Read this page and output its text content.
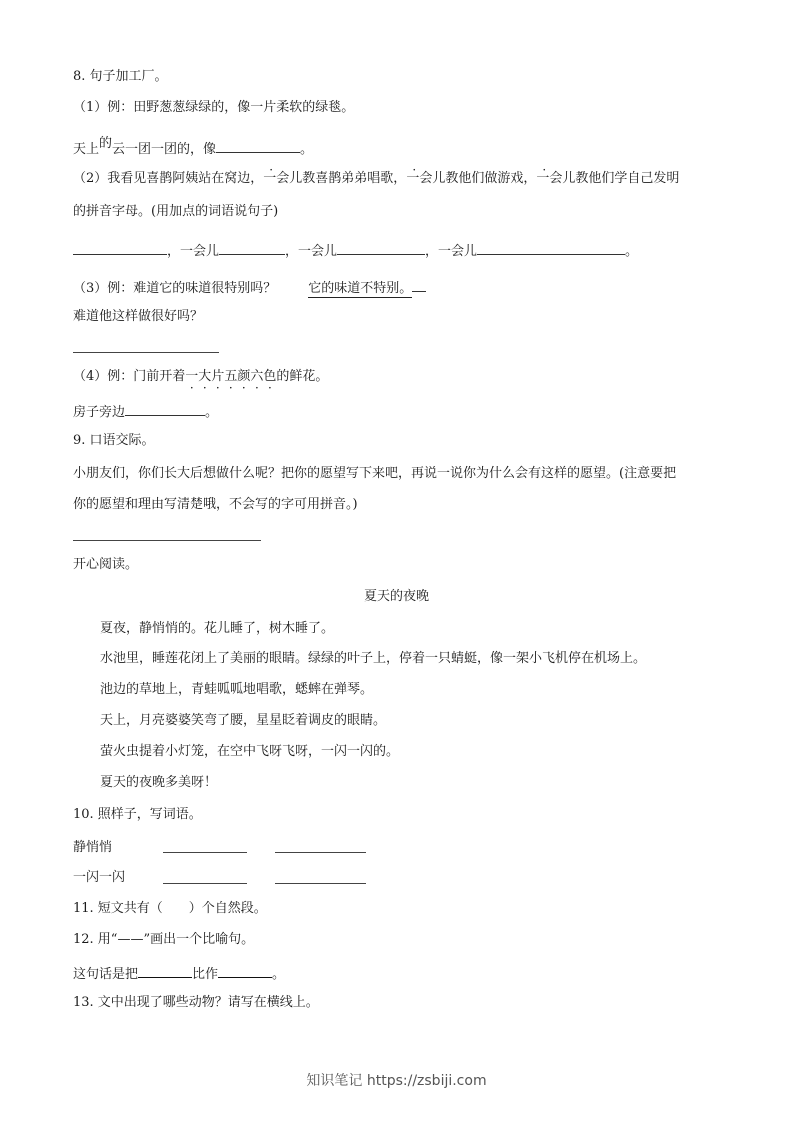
8. 句子加工厂。
（1）例：田野葱葱绿绿的，像一片柔软的绿毯。
天上的云一团一团的，像	。
（2）我看见喜鹊阿姨站在窝边，一会儿教喜鹊弟弟唱歌，一会儿教他们做游戏，一会儿教他们学自己发明
的拼音字母。(用加点的词语说句子)
，一会儿	，一会儿	，一会儿	。
（3）例：难道它的味道很特别吗？ 它的味道不特别。
难道他这样做很好吗？
（4）例：门前开着一大片五颜六色的鲜花。
房子旁边	。
9. 口语交际。
小朋友们，你们长大后想做什么呢？把你的愿望写下来吧，再说一说你为什么会有这样的愿望。(注意要把
你的愿望和理由写清楚哦，不会写的字可用拼音。)
开心阅读。
夏天的夜晚
夏夜，静悄悄的。花儿睡了，树木睡了。
水池里，睡莲花闭上了美丽的眼睛。绿绿的叶子上，停着一只蜻蜓，像一架小飞机停在机场上。
池边的草地上，青蛙呱呱地唱歌，蟋蟀在弹琴。
天上，月亮婆婆笑弯了腰，星星眨着调皮的眼睛。
萤火虫提着小灯笼，在空中飞呀飞呀，一闪一闪的。
夏天的夜晚多美呀！
10. 照样子，写词语。
静悄悄
一闪一闪
11. 短文共有（　　）个自然段。
12. 用“——”画出一个比喻句。
这句话是把	比作	。
13. 文中出现了哪些动物？请写在横线上。
知识笔记 https://zsbiji.com
